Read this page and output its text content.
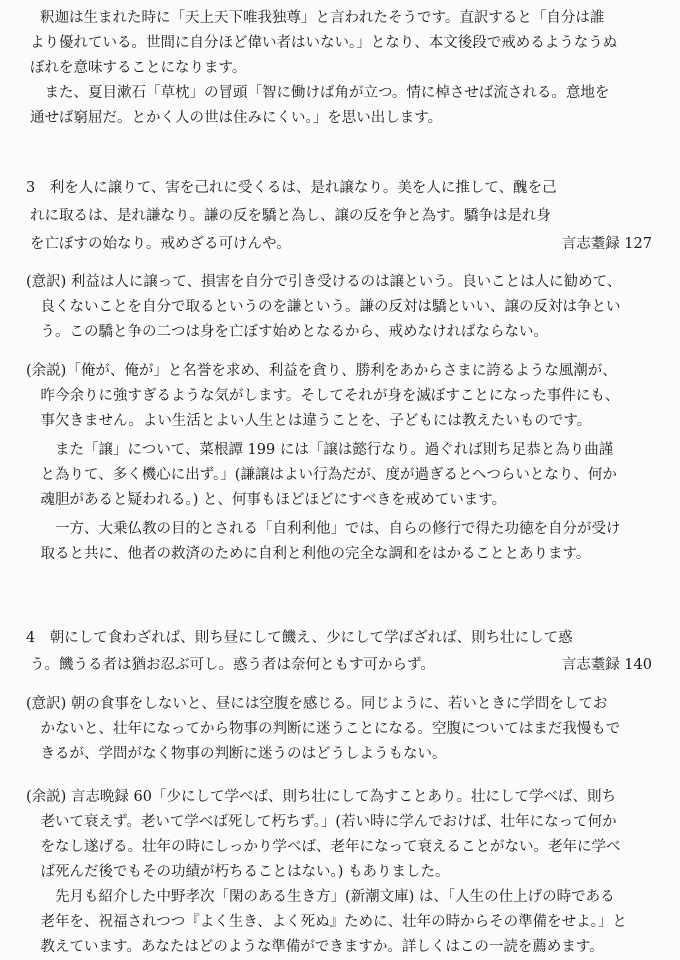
釈迦は生まれた時に「天上天下唯我独尊」と言われたそうです。直訳すると「自分は誰
より優れている。世間に自分ほど偉い者はいない。」となり、本文後段で戒めるようなうぬ
ぼれを意味することになります。
　また、夏目漱石「草枕」の冒頭「智に働けば角が立つ。情に棹させば流される。意地を
通せば窮屈だ。とかく人の世は住みにくい。」を思い出します。
3　利を人に譲りて、害を己れに受くるは、是れ譲なり。美を人に推して、醜を己
れに取るは、是れ謙なり。謙の反を驕と為し、譲の反を争と為す。驕争は是れ身
を亡ぼすの始なり。戒めざる可けんや。	言志耋録 127
(意訳) 利益は人に譲って、損害を自分で引き受けるのは譲という。良いことは人に勧めて、
　良くないことを自分で取るというのを謙という。謙の反対は驕といい、譲の反対は争とい
　う。この驕と争の二つは身を亡ぼす始めとなるから、戒めなければならない。
(余説)「俺が、俺が」と名誉を求め、利益を貪り、勝利をあからさまに誇るような風潮が、
　昨今余りに強すぎるような気がします。そしてそれが身を滅ぼすことになった事件にも、
　事欠きません。よい生活とよい人生とは違うことを、子どもには教えたいものです。
　　また「譲」について、菜根譚 199 には「譲は懿行なり。過ぐれば則ち足恭と為り曲謹
　と為りて、多く機心に出ず。」(謙譲はよい行為だが、度が過ぎるとへつらいとなり、何か
　魂胆があると疑われる。) と、何事もほどほどにすべきを戒めています。
　　一方、大乗仏教の目的とされる「自利利他」では、自らの修行で得た功徳を自分が受け
　取ると共に、他者の救済のために自利と利他の完全な調和をはかることとあります。
4　朝にして食わざれば、則ち昼にして饑え、少にして学ばざれば、則ち壮にして惑
う。饑うる者は猶お忍ぶ可し。惑う者は奈何ともす可からず。	言志耋録 140
(意訳) 朝の食事をしないと、昼には空腹を感じる。同じように、若いときに学問をしてお
　かないと、壮年になってから物事の判断に迷うことになる。空腹についてはまだ我慢もで
　きるが、学問がなく物事の判断に迷うのはどうしようもない。
(余説) 言志晩録 60「少にして学べば、則ち壮にして為すことあり。壮にして学べば、則ち
　老いて衰えず。老いて学べば死して朽ちず。」(若い時に学んでおけば、壮年になって何か
　をなし遂げる。壮年の時にしっかり学べば、老年になって衰えることがない。老年に学べ
　ば死んだ後でもその功績が朽ちることはない。) もありました。
　　先月も紹介した中野孝次「閑のある生き方」(新潮文庫) は、「人生の仕上げの時である
　老年を、祝福されつつ『よく生き、よく死ぬ』ために、壮年の時からその準備をせよ。」と
　教えています。あなたはどのような準備ができますか。詳しくはこの一読を薦めます。
